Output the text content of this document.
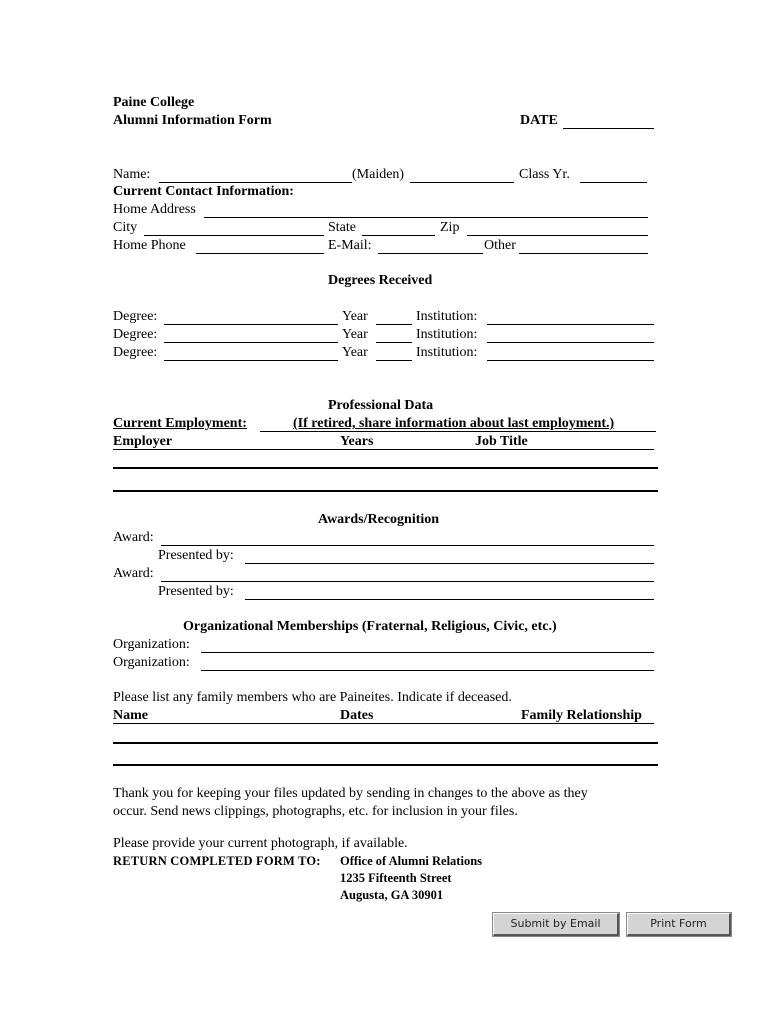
Paine College
Alumni Information Form	DATE
Name:	(Maiden)	Class Yr.
Current Contact Information:
Home Address
City	State	Zip
Home Phone	E-Mail:	Other
Degrees Received
Degree:	Year	Institution:
Degree:	Year	Institution:
Degree:	Year	Institution:
Professional Data
Current Employment:	(If retired, share information about last employment.)
Employer	Years	Job Title
Awards/Recognition
Award:
Presented by:
Award:
Presented by:
Organizational Memberships (Fraternal, Religious, Civic, etc.)
Organization:
Organization:
Please list any family members who are Paineites. Indicate if deceased.
Name	Dates	Family Relationship
Thank you for keeping your files updated by sending in changes to the above as they
occur. Send news clippings, photographs, etc. for inclusion in your files.
Please provide your current photograph, if available.
RETURN COMPLETED FORM TO: Office of Alumni Relations
1235 Fifteenth Street
Augusta, GA 30901
Submit by Email	Print Form
